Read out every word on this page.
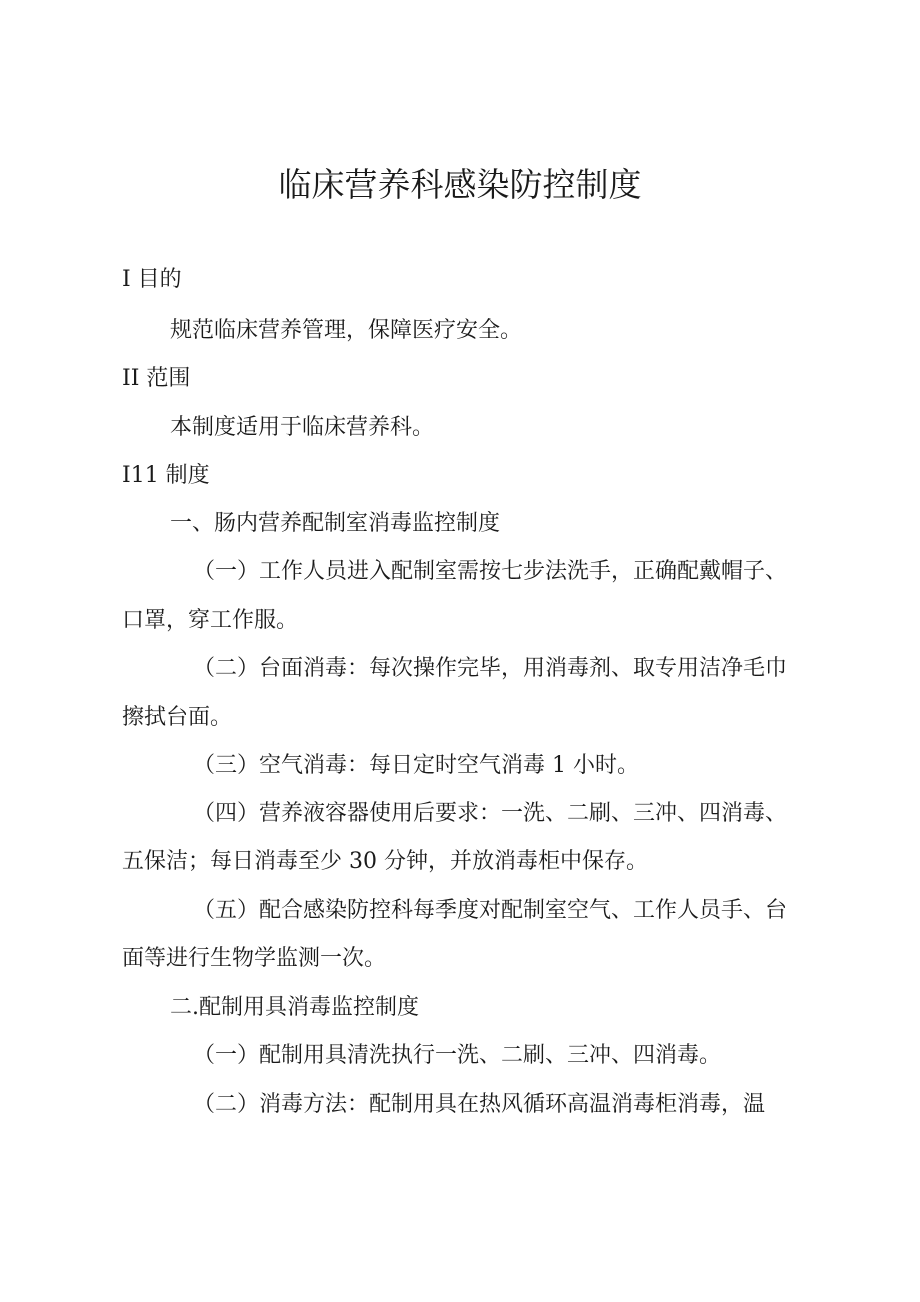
临床营养科感染防控制度

I 目的

规范临床营养管理，保障医疗安全。

II 范围

本制度适用于临床营养科。

I11 制度

一、肠内营养配制室消毒监控制度

（一）工作人员进入配制室需按七步法洗手，正确配戴帽子、

口罩，穿工作服。

（二）台面消毒：每次操作完毕，用消毒剂、取专用洁净毛巾

擦拭台面。

（三）空气消毒：每日定时空气消毒 1 小时。

（四）营养液容器使用后要求：一洗、二刷、三冲、四消毒、

五保洁；每日消毒至少 30 分钟，并放消毒柜中保存。

（五）配合感染防控科每季度对配制室空气、工作人员手、台

面等进行生物学监测一次。

二.配制用具消毒监控制度

（一）配制用具清洗执行一洗、二刷、三冲、四消毒。

（二）消毒方法：配制用具在热风循环高温消毒柜消毒，温
